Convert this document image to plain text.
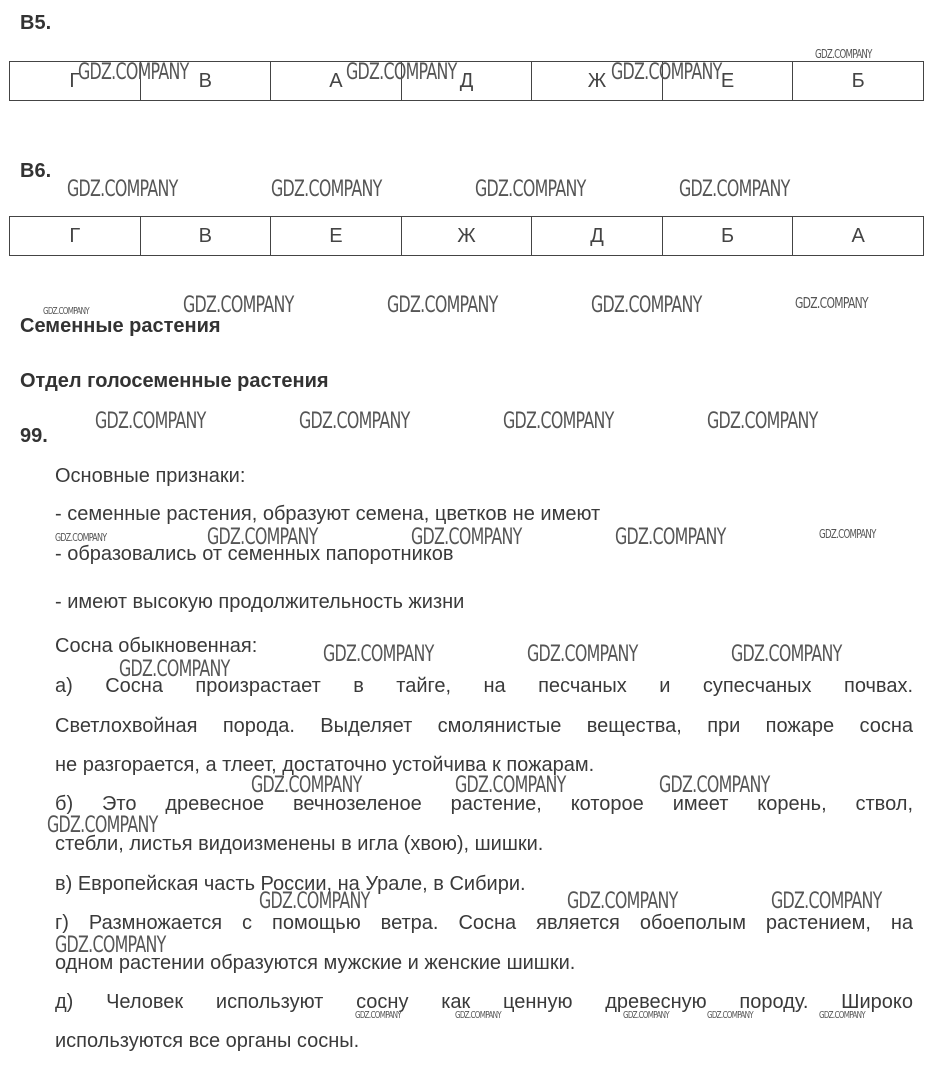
В5.
Г	В	А	Д	Ж	Е	Б
В6.
Г	В	Е	Ж	Д	Б	А
Семенные растения
Отдел голосеменные растения
99.
Основные признаки:
- семенные растения, образуют семена, цветков не имеют
- образовались от семенных папоротников
- имеют высокую продолжительность жизни
Сосна обыкновенная:
а) Сосна произрастает в тайге, на песчаных и супесчаных почвах.
Светлохвойная порода. Выделяет смолянистые вещества, при пожаре сосна
не разгорается, а тлеет, достаточно устойчива к пожарам.
б) Это древесное вечнозеленое растение, которое имеет корень, ствол,
стебли, листья видоизменены в игла (хвою), шишки.
в) Европейская часть России, на Урале, в Сибири.
г) Размножается с помощью ветра. Сосна является обоеполым растением, на
одном растении образуются мужские и женские шишки.
д) Человек используют сосну как ценную древесную породу. Широко
используются все органы сосны.
GDZ.COMPANY	GDZ.COMPANY	GDZ.COMPANY
GDZ.COMPANY
GDZ.COMPANY	GDZ.COMPANY	GDZ.COMPANY	GDZ.COMPANY
GDZ.COMPANY	GDZ.COMPANY	GDZ.COMPANY	GDZ.COMPANY	GDZ.COMPANY
GDZ.COMPANY	GDZ.COMPANY	GDZ.COMPANY	GDZ.COMPANY
GDZ.COMPANY	GDZ.COMPANY	GDZ.COMPANY	GDZ.COMPANY	GDZ.COMPANY
GDZ.COMPANY	GDZ.COMPANY	GDZ.COMPANY
GDZ.COMPANY
GDZ.COMPANY	GDZ.COMPANY	GDZ.COMPANY
GDZ.COMPANY
GDZ.COMPANY	GDZ.COMPANY	GDZ.COMPANY
GDZ.COMPANY
GDZ.COMPANY	GDZ.COMPANY	GDZ.COMPANY	GDZ.COMPANY	GDZ.COMPANY
